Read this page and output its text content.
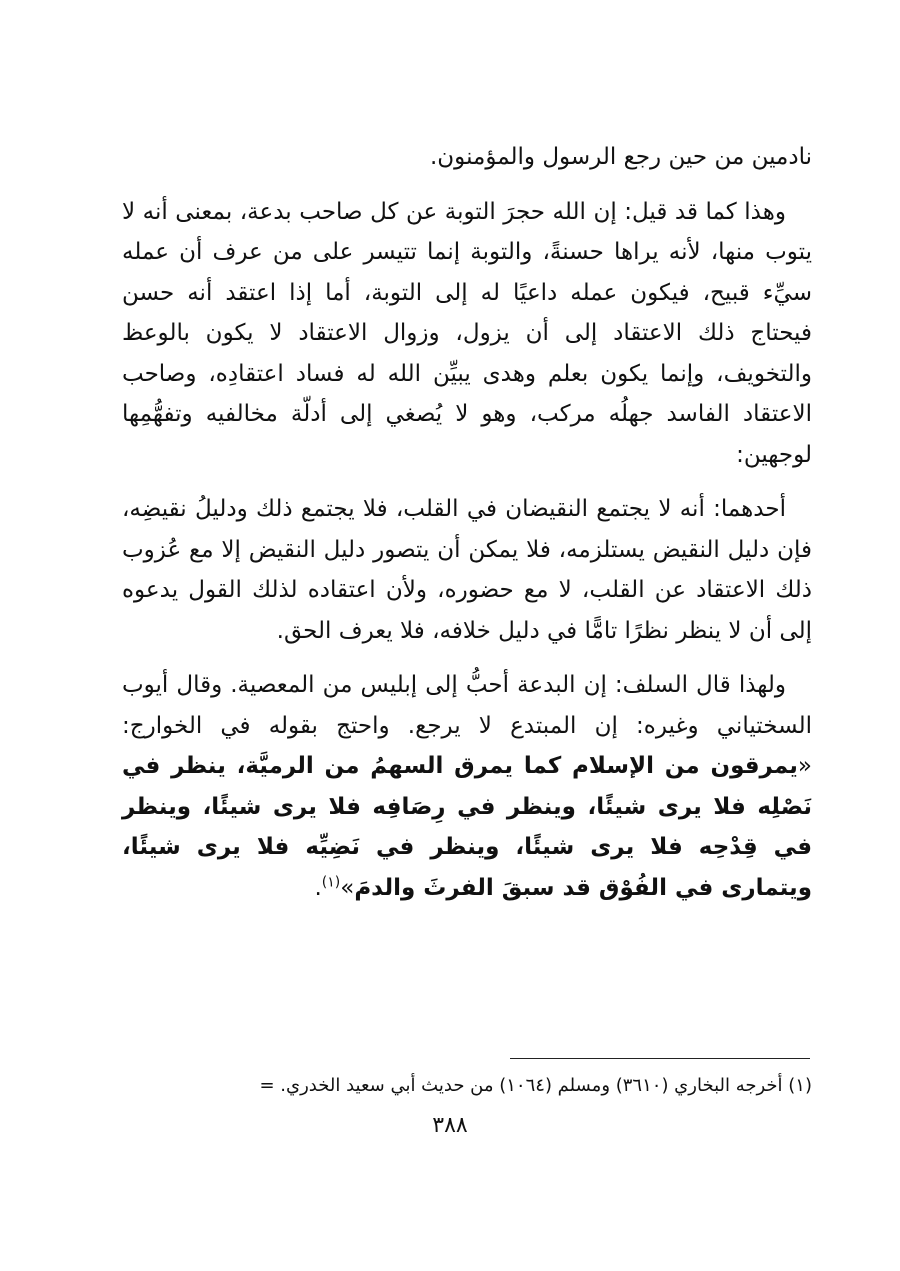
نادمين من حين رجع الرسول والمؤمنون.

وهذا كما قد قيل: إن الله حجرَ التوبة عن كل صاحب بدعة، بمعنى أنه لا يتوب منها، لأنه يراها حسنةً، والتوبة إنما تتيسر على من عرف أن عمله سيِّء قبيح، فيكون عمله داعيًا له إلى التوبة، أما إذا اعتقد أنه حسن فيحتاج ذلك الاعتقاد إلى أن يزول، وزوال الاعتقاد لا يكون بالوعظ والتخويف، وإنما يكون بعلم وهدى يبيِّن الله له فساد اعتقادِه، وصاحب الاعتقاد الفاسد جهلُه مركب، وهو لا يُصغي إلى أدلّة مخالفيه وتفهُّمِها لوجهين:

أحدهما: أنه لا يجتمع النقيضان في القلب، فلا يجتمع ذلك ودليلُ نقيضِه، فإن دليل النقيض يستلزمه، فلا يمكن أن يتصور دليل النقيض إلا مع عُزوب ذلك الاعتقاد عن القلب، لا مع حضوره، ولأن اعتقاده لذلك القول يدعوه إلى أن لا ينظر نظرًا تامًّا في دليل خلافه، فلا يعرف الحق.

ولهذا قال السلف: إن البدعة أحبُّ إلى إبليس من المعصية. وقال أيوب السختياني وغيره: إن المبتدع لا يرجع. واحتج بقوله في الخوارج: «يمرقون من الإسلام كما يمرق السهمُ من الرميَّة، ينظر في نَصْلِه فلا يرى شيئًا، وينظر في رِصَافِه فلا يرى شيئًا، وينظر في قِدْحِه فلا يرى شيئًا، وينظر في نَضِيِّه فلا يرى شيئًا، ويتمارى في الفُوْق قد سبقَ الفرثَ والدمَ»$^{(١)}$.

(١) أخرجه البخاري (٣٦١٠) ومسلم (١٠٦٤) من حديث أبي سعيد الخدري. =
٣٨٨
